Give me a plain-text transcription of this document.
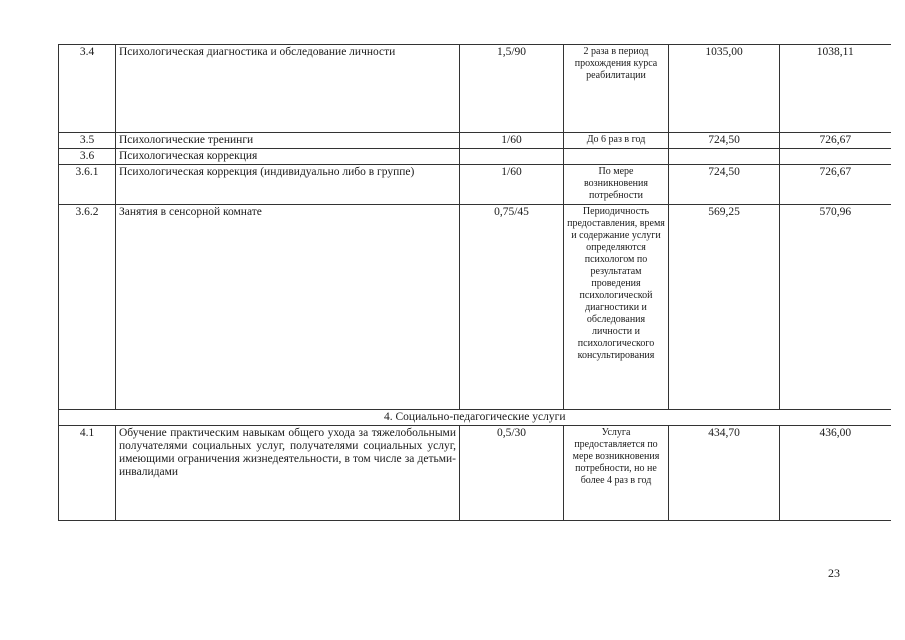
3.4	Психологическая диагностика и обследование личности	1,5/90	2 раза в период прохождения курса реабилитации	1035,00	1038,11
3.5	Психологические тренинги	1/60	До 6 раз в год	724,50	726,67
3.6	Психологическая коррекция				
3.6.1	Психологическая коррекция (индивидуально либо в группе)	1/60	По мере возникновения потребности	724,50	726,67
3.6.2	Занятия в сенсорной комнате	0,75/45	Периодичность предоставления, время и содержание услуги определяются психологом по результатам проведения психологической диагностики и обследования личности и психологического консультирования	569,25	570,96
4. Социально-педагогические услуги					
4.1	Обучение практическим навыкам общего ухода за тяжелобольными получателями социальных услуг, получателями социальных услуг, имеющими ограничения жизнедеятельности, в том числе за детьми-инвалидами	0,5/30	Услуга предоставляется по мере возникновения потребности, но не более 4 раз в год	434,70	436,00
23
